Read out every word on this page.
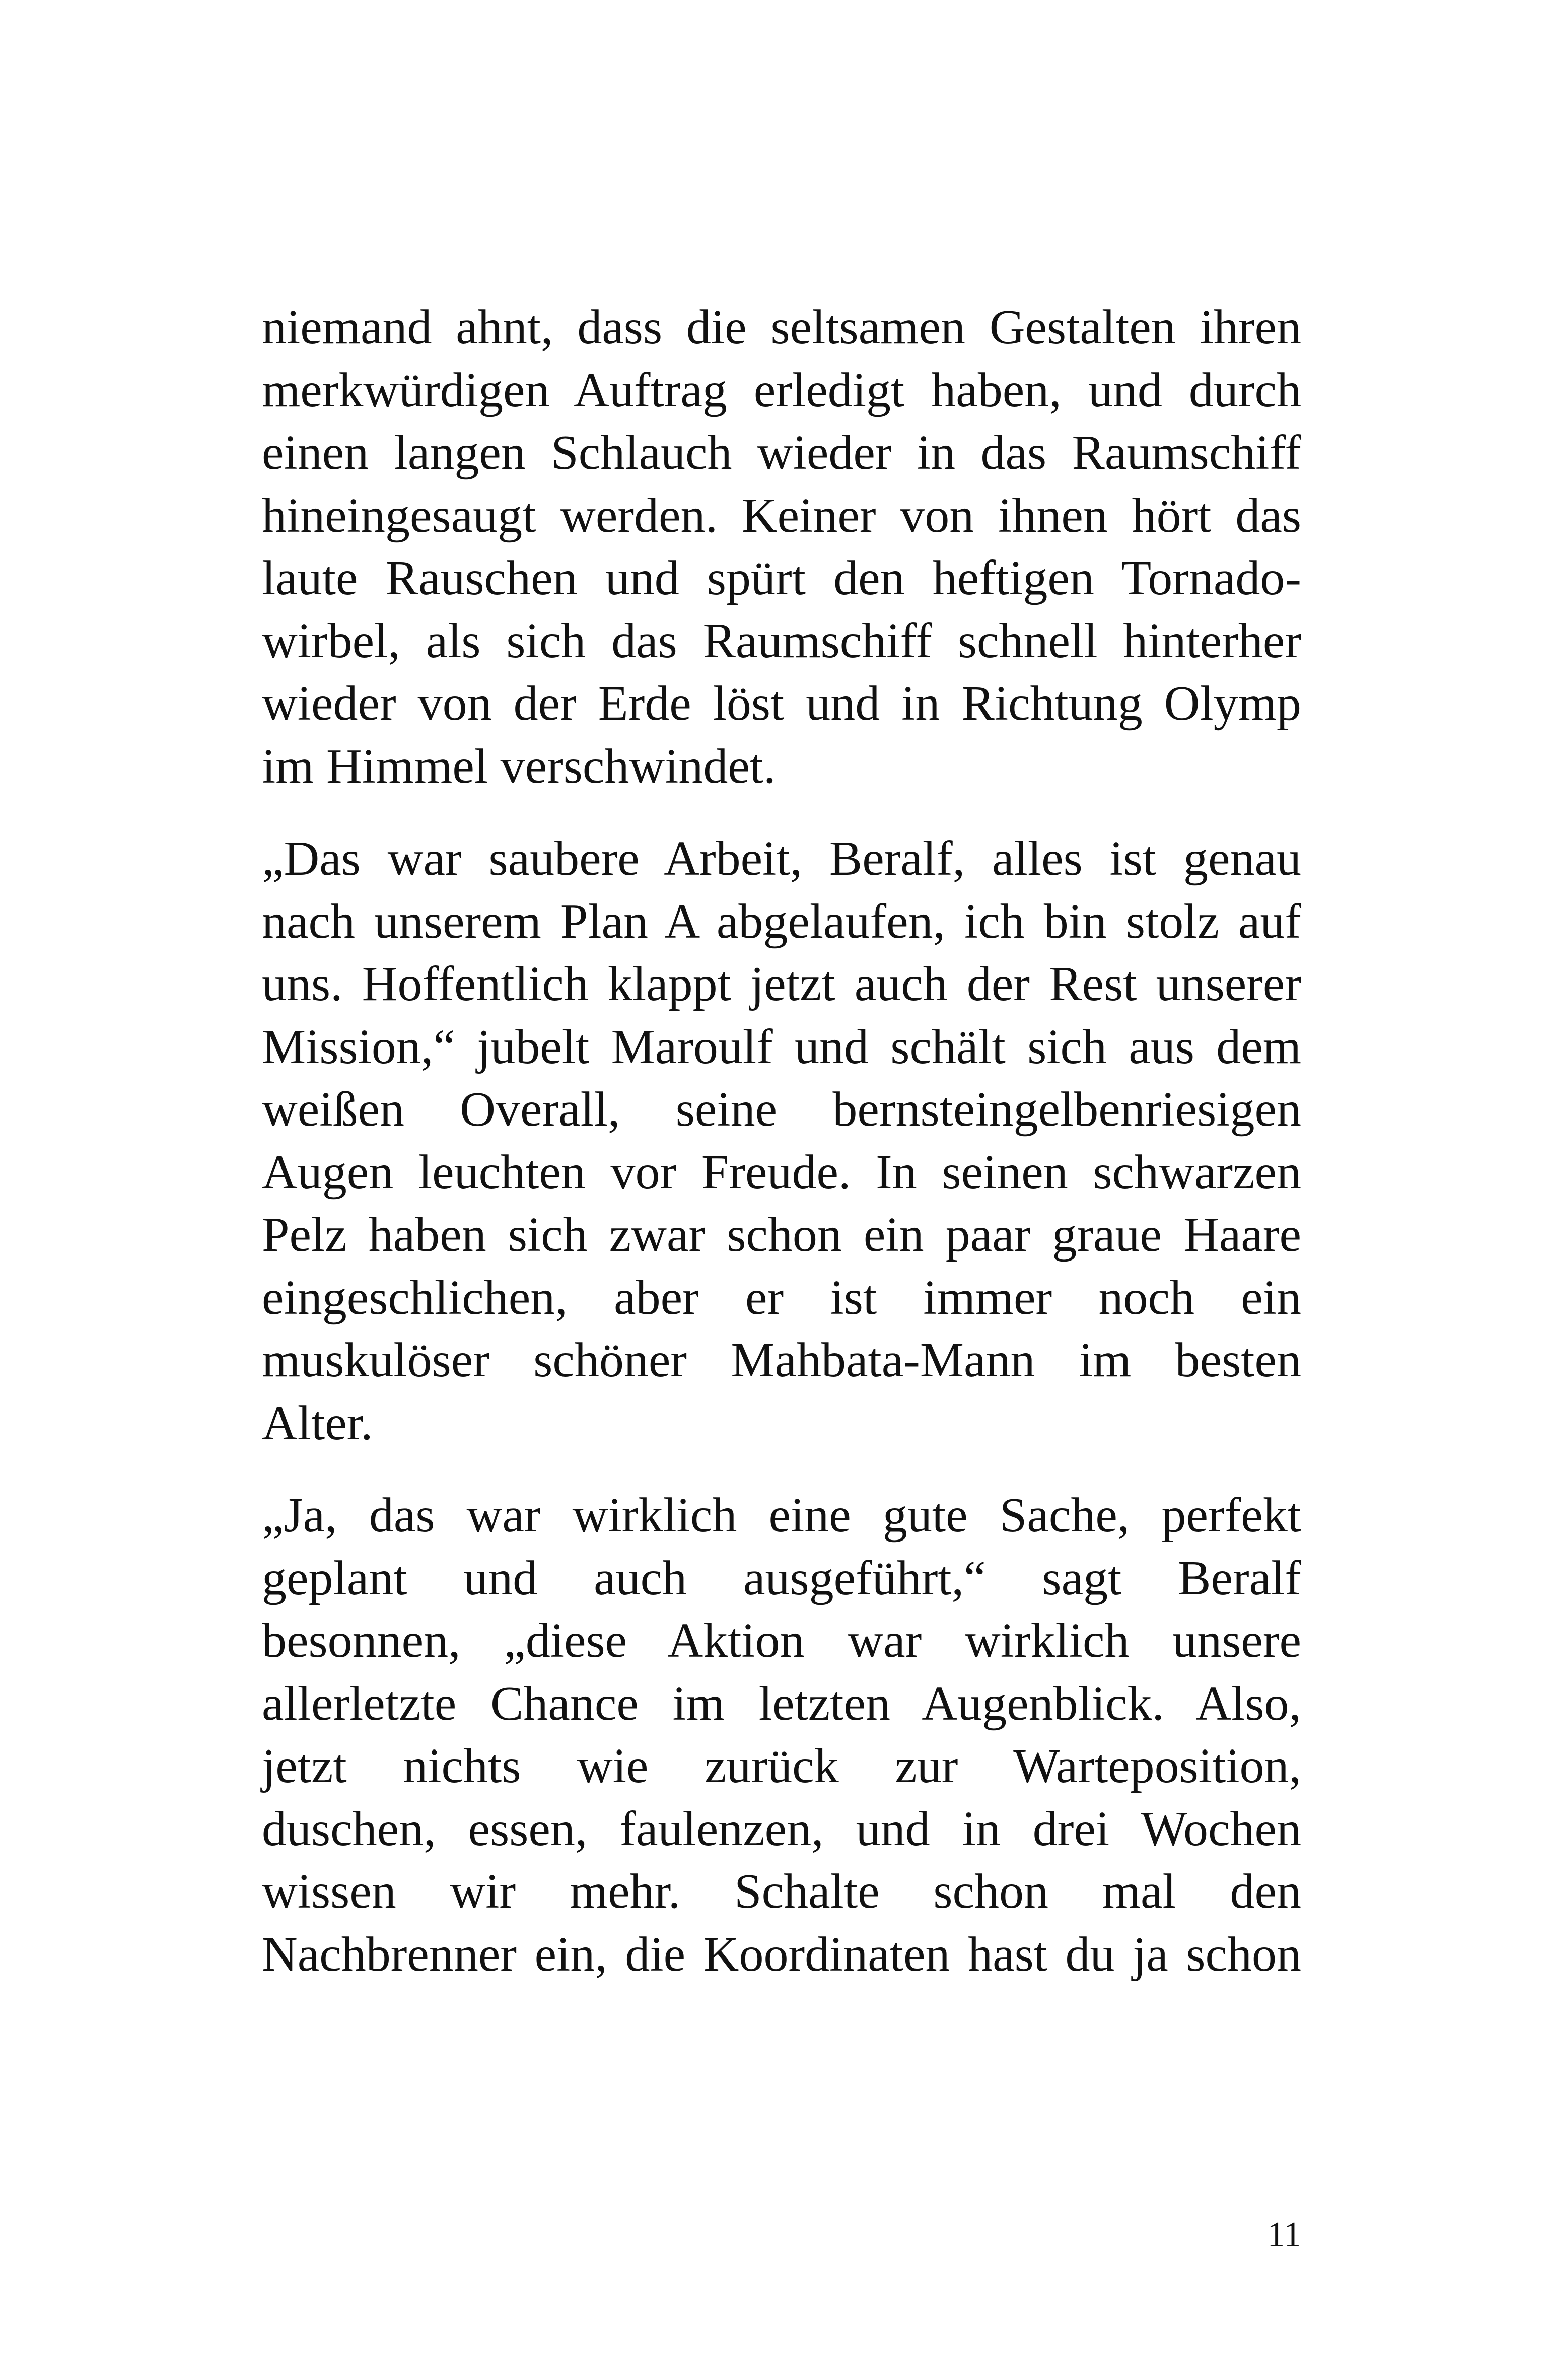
niemand ahnt, dass die seltsamen Gestalten ihren
merkwürdigen Auftrag erledigt haben, und durch
einen langen Schlauch wieder in das Raumschiff
hineingesaugt werden. Keiner von ihnen hört das
laute Rauschen und spürt den heftigen Tornado-
wirbel, als sich das Raumschiff schnell hinterher
wieder von der Erde löst und in Richtung Olymp
im Himmel verschwindet.

„Das war saubere Arbeit, Beralf, alles ist genau
nach unserem Plan A abgelaufen, ich bin stolz auf
uns. Hoffentlich klappt jetzt auch der Rest unserer
Mission,“ jubelt Maroulf und schält sich aus dem
weißen Overall, seine bernsteingelbenriesigen
Augen leuchten vor Freude. In seinen schwarzen
Pelz haben sich zwar schon ein paar graue Haare
eingeschlichen, aber er ist immer noch ein
muskulöser schöner Mahbata-Mann im besten
Alter.

„Ja, das war wirklich eine gute Sache, perfekt
geplant und auch ausgeführt,“ sagt Beralf
besonnen, „diese Aktion war wirklich unsere
allerletzte Chance im letzten Augenblick. Also,
jetzt nichts wie zurück zur Warteposition,
duschen, essen, faulenzen, und in drei Wochen
wissen wir mehr. Schalte schon mal den
Nachbrenner ein, die Koordinaten hast du ja schon

11
